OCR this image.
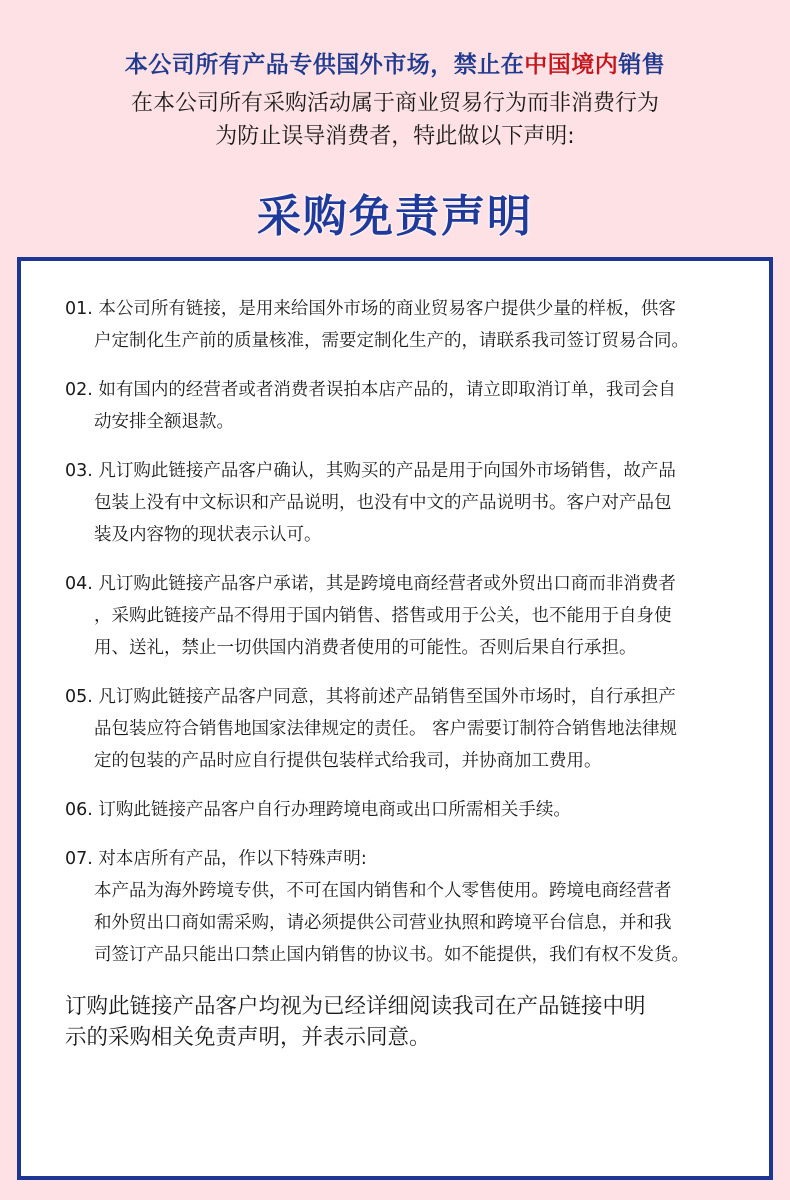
本公司所有产品专供国外市场，禁止在中国境内销售
在本公司所有采购活动属于商业贸易行为而非消费行为
为防止误导消费者，特此做以下声明:
采购免责声明
01. 本公司所有链接，是用来给国外市场的商业贸易客户提供少量的样板，供客
户定制化生产前的质量核准，需要定制化生产的，请联系我司签订贸易合同。
02. 如有国内的经营者或者消费者误拍本店产品的，请立即取消订单，我司会自
动安排全额退款。
03. 凡订购此链接产品客户确认，其购买的产品是用于向国外市场销售，故产品
包装上没有中文标识和产品说明，也没有中文的产品说明书。客户对产品包
装及内容物的现状表示认可。
04. 凡订购此链接产品客户承诺，其是跨境电商经营者或外贸出口商而非消费者
，采购此链接产品不得用于国内销售、搭售或用于公关，也不能用于自身使
用、送礼，禁止一切供国内消费者使用的可能性。否则后果自行承担。
05. 凡订购此链接产品客户同意，其将前述产品销售至国外市场时，自行承担产
品包装应符合销售地国家法律规定的责任。 客户需要订制符合销售地法律规
定的包装的产品时应自行提供包装样式给我司，并协商加工费用。
06. 订购此链接产品客户自行办理跨境电商或出口所需相关手续。
07. 对本店所有产品，作以下特殊声明:
本产品为海外跨境专供，不可在国内销售和个人零售使用。跨境电商经营者
和外贸出口商如需采购，请必须提供公司营业执照和跨境平台信息，并和我
司签订产品只能出口禁止国内销售的协议书。如不能提供，我们有权不发货。
订购此链接产品客户均视为已经详细阅读我司在产品链接中明
示的采购相关免责声明，并表示同意。
